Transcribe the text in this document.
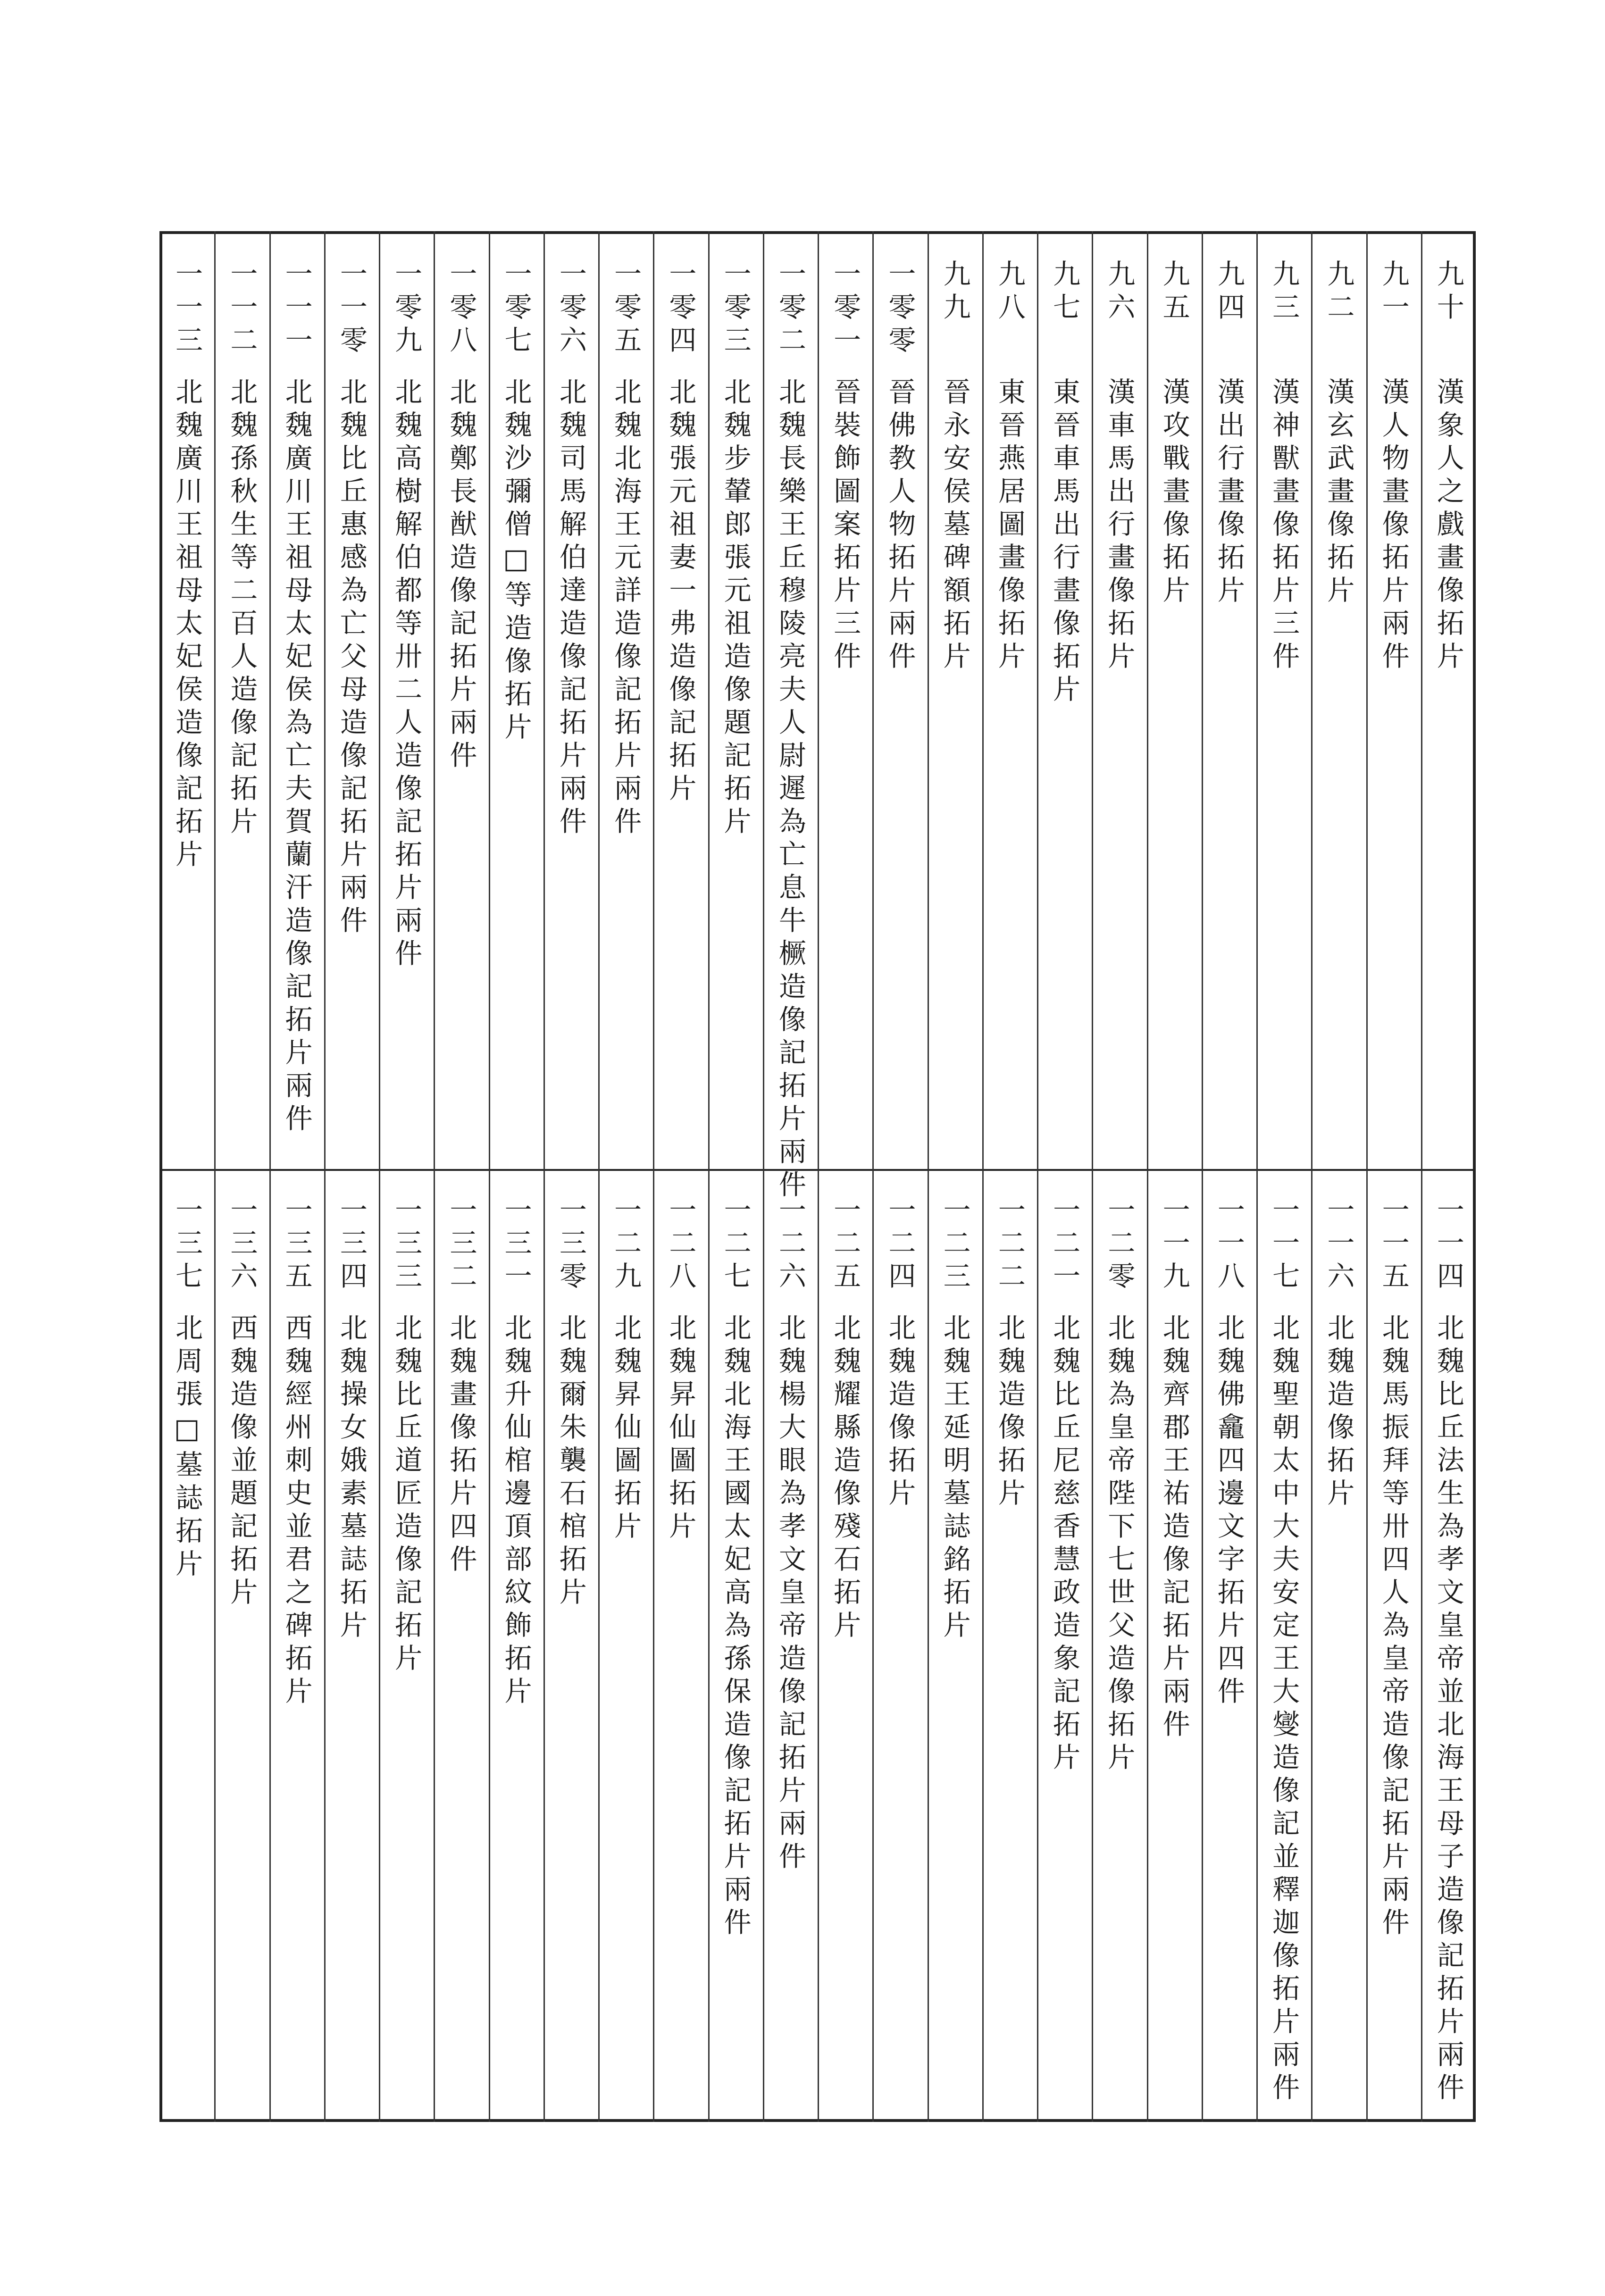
九十
漢象人之戲畫像拓片
九一
漢人物畫像拓片兩件
九二
漢玄武畫像拓片
九三
漢神獸畫像拓片三件
九四
漢出行畫像拓片
九五
漢攻戰畫像拓片
九六
漢車馬出行畫像拓片
九七
東晉車馬出行畫像拓片
九八
東晉燕居圖畫像拓片
九九
晉永安侯墓碑額拓片
一零零
晉佛教人物拓片兩件
一零一
晉裝飾圖案拓片三件
一零二
北魏長樂王丘穆陵亮夫人尉遲為亡息牛橛造像記拓片兩件
一零三
北魏步輦郎張元祖造像題記拓片
一零四
北魏張元祖妻一弗造像記拓片
一零五
北魏北海王元詳造像記拓片兩件
一零六
北魏司馬解伯達造像記拓片兩件
一零七
北魏沙彌僧□等造像拓片
一零八
北魏鄭長猷造像記拓片兩件
一零九
北魏高樹解伯都等卅二人造像記拓片兩件
一一零
北魏比丘惠感為亡父母造像記拓片兩件
一一一
北魏廣川王祖母太妃侯為亡夫賀蘭汗造像記拓片兩件
一一二
北魏孫秋生等二百人造像記拓片
一一三
北魏廣川王祖母太妃侯造像記拓片
一一四
北魏比丘法生為孝文皇帝並北海王母子造像記拓片兩件
一一五
北魏馬振拜等卅四人為皇帝造像記拓片兩件
一一六
北魏造像拓片
一一七
北魏聖朝太中大夫安定王大燮造像記並釋迦像拓片兩件
一一八
北魏佛龕四邊文字拓片四件
一一九
北魏齊郡王祐造像記拓片兩件
一二零
北魏為皇帝陛下七世父造像拓片
一二一
北魏比丘尼慈香慧政造象記拓片
一二二
北魏造像拓片
一二三
北魏王延明墓誌銘拓片
一二四
北魏造像拓片
一二五
北魏耀縣造像殘石拓片
一二六
北魏楊大眼為孝文皇帝造像記拓片兩件
一二七
北魏北海王國太妃高為孫保造像記拓片兩件
一二八
北魏昇仙圖拓片
一二九
北魏昇仙圖拓片
一三零
北魏爾朱襲石棺拓片
一三一
北魏升仙棺邊頂部紋飾拓片
一三二
北魏畫像拓片四件
一三三
北魏比丘道匠造像記拓片
一三四
北魏操女娥素墓誌拓片
一三五
西魏經州刺史並君之碑拓片
一三六
西魏造像並題記拓片
一三七
北周張□墓誌拓片
